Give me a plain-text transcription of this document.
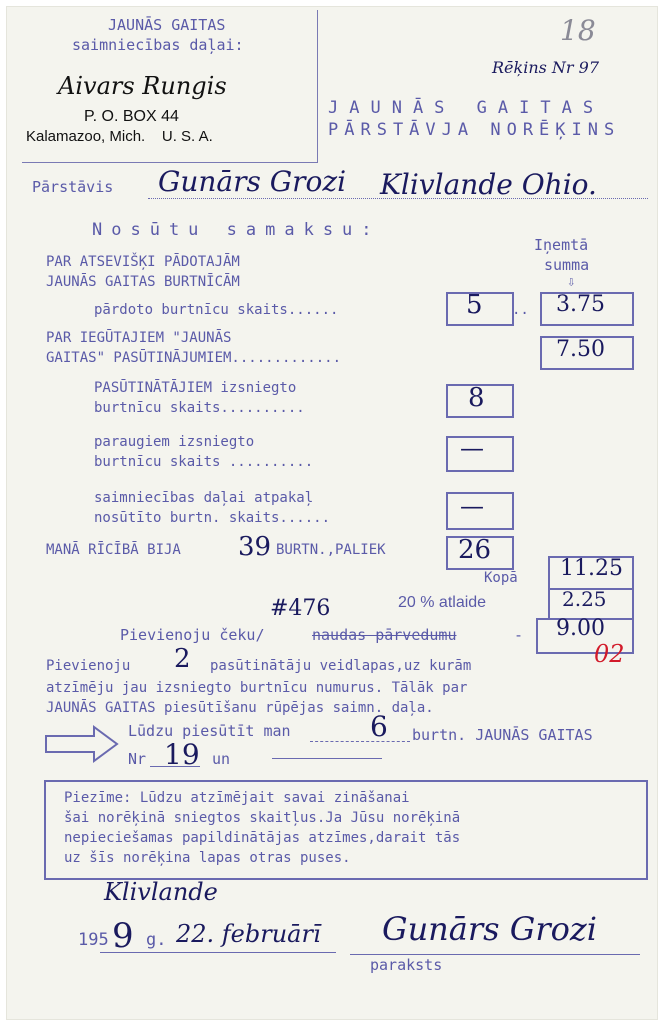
JAUNĀS GAITAS
saimniecības daļai:
Aivars Rungis
P. O. BOX 44
Kalamazoo, Mich.    U. S. A.
18
Rēķins Nr 97
JAUNĀS GAITAS
PĀRSTĀVJA NORĒĶINS
Pārstāvis Gunārs Grozi Klivlande Ohio.
Nosūtu samaksu:
Iņemtā
summa
⇩
PAR ATSEVIŠĶI PĀDOTAJĀM
JAUNĀS GAITAS BURTNĪCĀM
pārdoto burtnīcu skaits......	5 .. 3.75
PAR IEGŪTAJIEM "JAUNĀS
GAITAS" PASŪTINĀJUMIEM.............	7.50
PASŪTINĀTĀJIEM izsniegto
burtnīcu skaits..........	8
paraugiem izsniegto
burtnīcu skaits ..........	—
saimniecības daļai atpakaļ
nosūtīto burtn. skaits......	—
MANĀ RĪCĪBĀ BIJA 39 BURTN.,PALIEK	26
Kopā 11.25
#476	20 % atlaide	2.25
Pievienoju čeku/	naudas pārvedumu	- 9.00
02
Pievienoju 2 pasūtinātāju veidlapas,uz kurām
atzīmēju jau izsniegto burtnīcu numurus. Tālāk par
JAUNĀS GAITAS piesūtīšanu rūpējas saimn. daļa.
Lūdzu piesūtīt man	6 burtn. JAUNĀS GAITAS
Nr 19 un
Piezīme: Lūdzu atzīmējait savai zināšanai
šai norēķinā sniegtos skaitļus.Ja Jūsu norēķinā
nepieciešamas papildinātājas atzīmes,darait tās
uz šīs norēķina lapas otras puses.
Klivlande
195 9 g. 22. februārī Gunārs Grozi
paraksts
